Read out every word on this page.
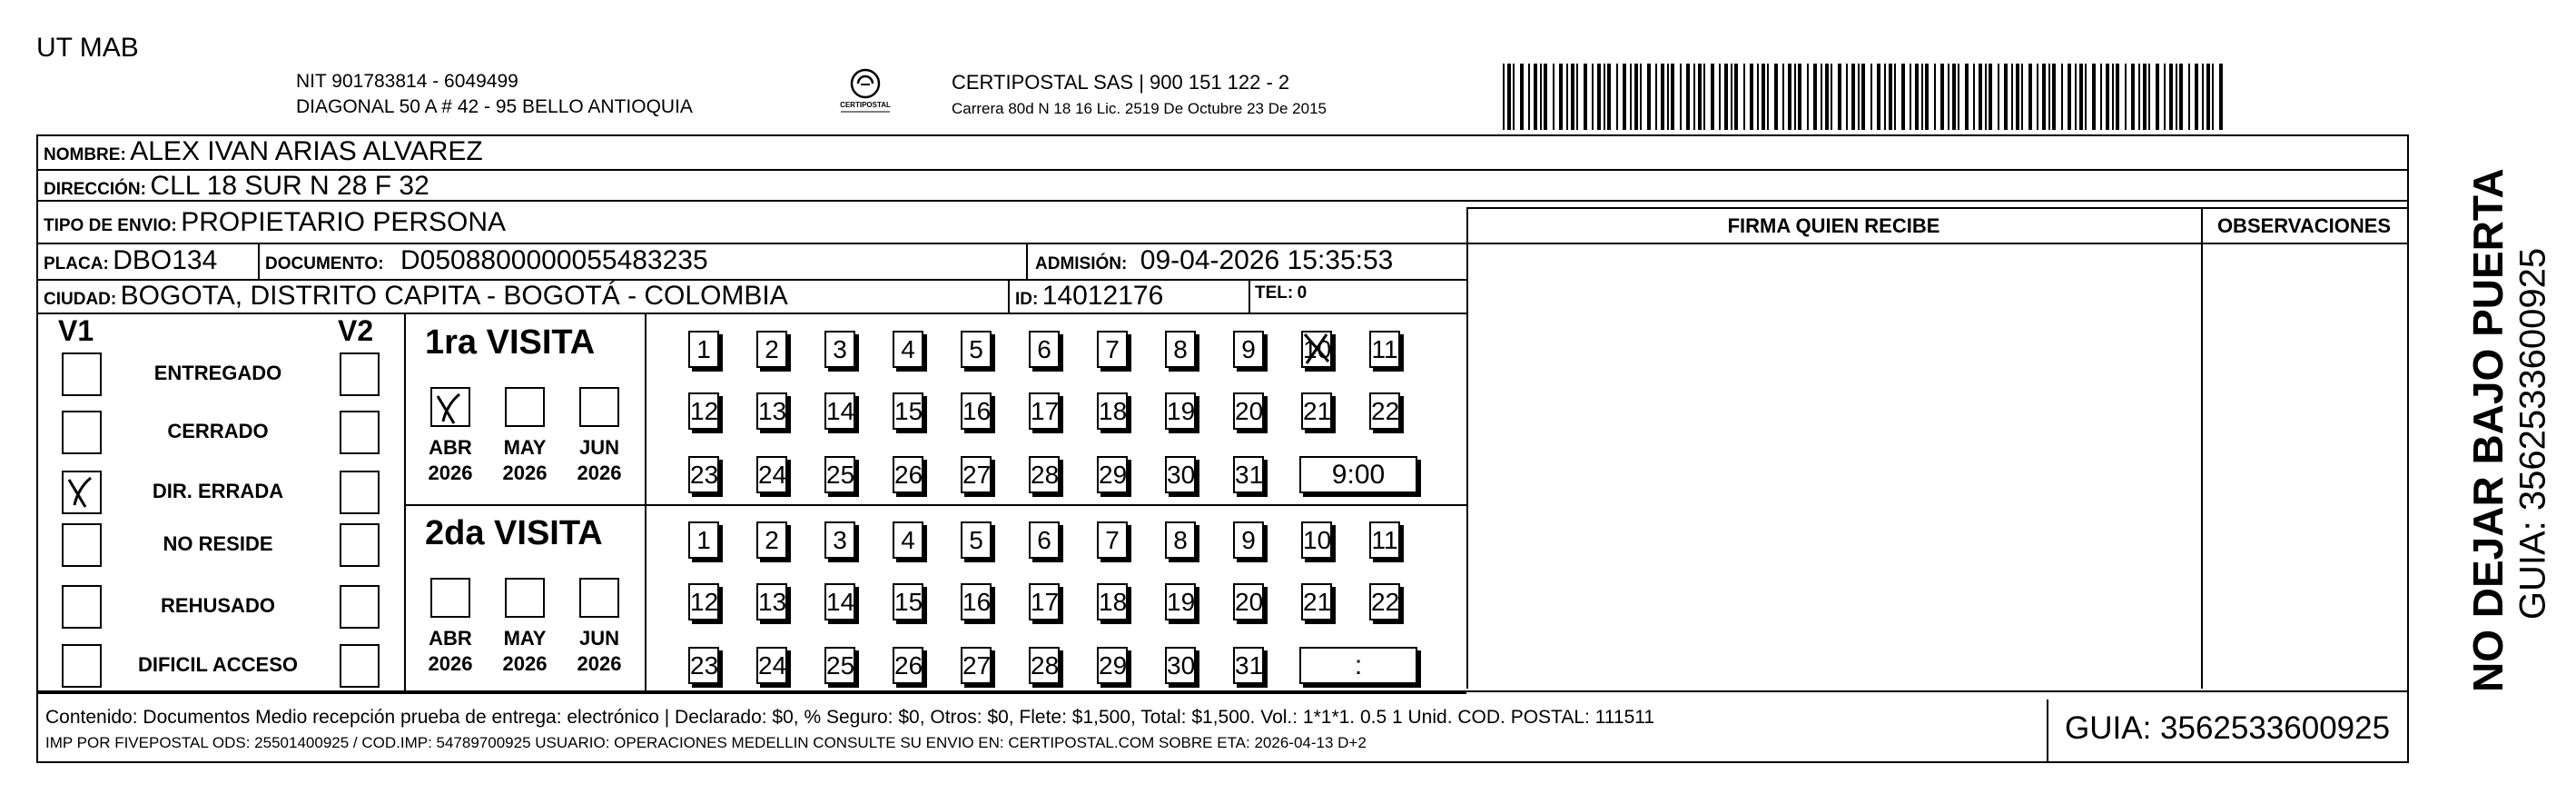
UT MAB
NIT 901783814 - 6049499
DIAGONAL 50 A # 42 - 95 BELLO ANTIOQUIA	CERTIPOSTAL
CERTIPOSTAL SAS | 900 151 122 - 2
Carrera 80d N 18 16 Lic. 2519 De Octubre 23 De 2015
NOMBRE: ALEX IVAN ARIAS ALVAREZ
DIRECCIÓN: CLL 18 SUR N 28 F 32
TIPO DE ENVIO: PROPIETARIO PERSONA	FIRMA QUIEN RECIBE	OBSERVACIONES
PLACA: DBO134	DOCUMENTO: D0508800000055483235	ADMISIÓN: 09-04-2026 15:35:53
CIUDAD: BOGOTA, DISTRITO CAPITA - BOGOTÁ - COLOMBIA	ID: 14012176	TEL: 0
V1	V2
ENTREGADO
CERRADO
DIR. ERRADA
NO RESIDE
REHUSADO
DIFICIL ACCESO
1ra VISITA
2da VISITA
ABR
2026
MAY
2026
JUN
2026
ABR
2026
MAY
2026
JUN
2026
1	2	3	4	5	6	7	8	9	10 11
12 13 14 15 16 17 18 19 20 21 22
23 24 25 26 27 28 29 30 31	9:00
1	2	3	4	5	6	7	8	9	10 11
12 13 14 15 16 17 18 19 20 21 22
23 24 25 26 27 28 29 30 31	:
Contenido: Documentos Medio recepción prueba de entrega: electrónico | Declarado: $0, % Seguro: $0, Otros: $0, Flete: $1,500, Total: $1,500. Vol.: 1*1*1. 0.5 1 Unid. COD. POSTAL: 111511
IMP POR FIVEPOSTAL ODS: 25501400925 / COD.IMP: 54789700925 USUARIO: OPERACIONES MEDELLIN CONSULTE SU ENVIO EN: CERTIPOSTAL.COM SOBRE ETA: 2026-04-13 D+2	GUIA: 3562533600925
NO DEJAR BAJO PUERTA GUIA: 3562533600925
